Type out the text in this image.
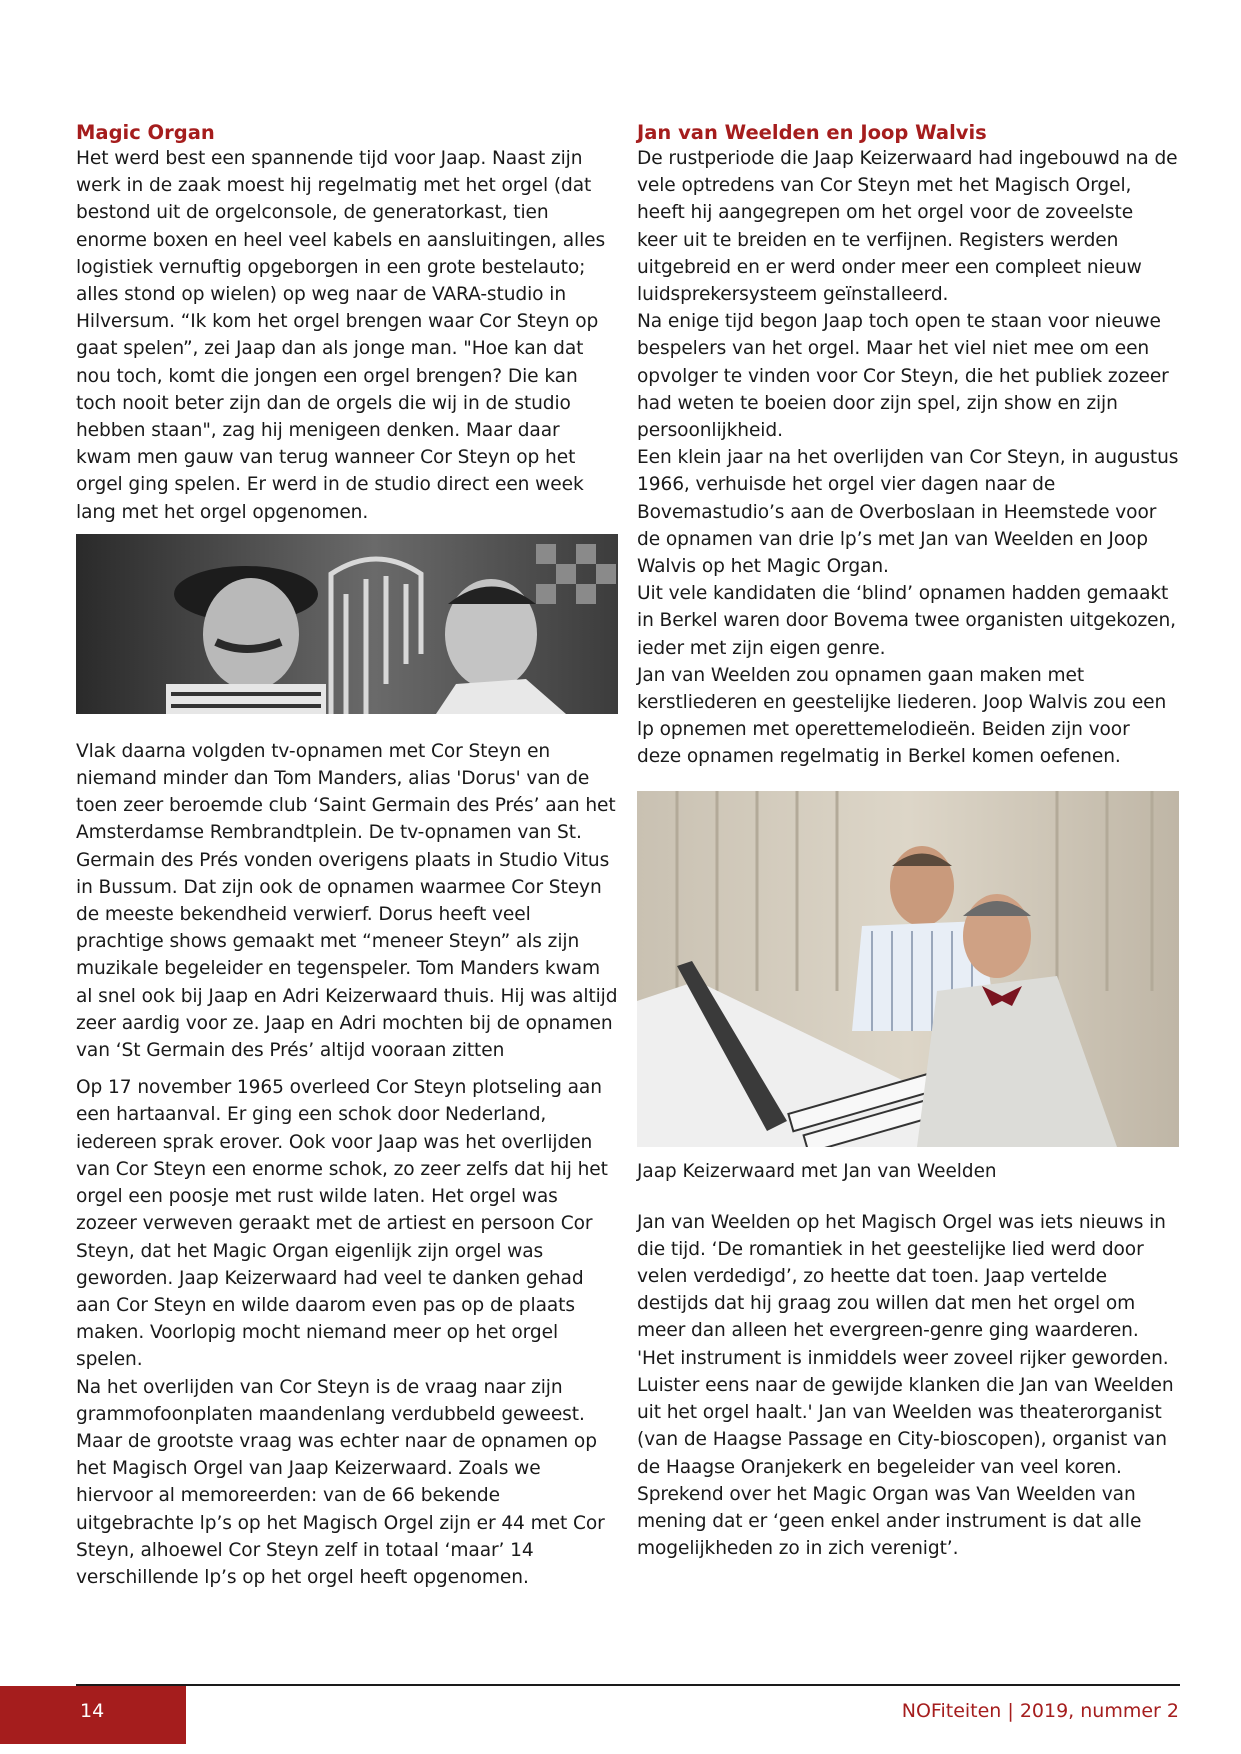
Magic Organ

Het werd best een spannende tijd voor Jaap. Naast zijn werk in de zaak moest hij regelmatig met het orgel (dat bestond uit de orgelconsole, de generatorkast, tien enorme boxen en heel veel kabels en aansluitingen, alles logistiek vernuftig opgeborgen in een grote bestelauto; alles stond op wielen) op weg naar de VARA-studio in Hilversum. “Ik kom het orgel brengen waar Cor Steyn op gaat spelen”, zei Jaap dan als jonge man. "Hoe kan dat nou toch, komt die jongen een orgel brengen? Die kan toch nooit beter zijn dan de orgels die wij in de studio hebben staan", zag hij menigeen denken. Maar daar kwam men gauw van terug wanneer Cor Steyn op het orgel ging spelen. Er werd in de studio direct een week lang met het orgel opgenomen.

Vlak daarna volgden tv-opnamen met Cor Steyn en niemand minder dan Tom Manders, alias 'Dorus' van de toen zeer beroemde club ‘Saint Germain des Prés’ aan het Amsterdamse Rembrandtplein. De tv-opnamen van St. Germain des Prés vonden overigens plaats in Studio Vitus in Bussum. Dat zijn ook de opnamen waarmee Cor Steyn de meeste bekendheid verwierf. Dorus heeft veel prachtige shows gemaakt met “meneer Steyn” als zijn muzikale begeleider en tegenspeler. Tom Manders kwam al snel ook bij Jaap en Adri Keizerwaard thuis. Hij was altijd zeer aardig voor ze. Jaap en Adri mochten bij de opnamen van ‘St Germain des Prés’ altijd vooraan zitten

Op 17 november 1965 overleed Cor Steyn plotseling aan een hartaanval. Er ging een schok door Nederland, iedereen sprak erover. Ook voor Jaap was het overlijden van Cor Steyn een enorme schok, zo zeer zelfs dat hij het orgel een poosje met rust wilde laten. Het orgel was zozeer verweven geraakt met de artiest en persoon Cor Steyn, dat het Magic Organ eigenlijk zijn orgel was geworden. Jaap Keizerwaard had veel te danken gehad aan Cor Steyn en wilde daarom even pas op de plaats maken. Voorlopig mocht niemand meer op het orgel spelen.

Na het overlijden van Cor Steyn is de vraag naar zijn grammofoonplaten maandenlang verdubbeld geweest. Maar de grootste vraag was echter naar de opnamen op het Magisch Orgel van Jaap Keizerwaard. Zoals we hiervoor al memoreerden: van de 66 bekende uitgebrachte lp’s op het Magisch Orgel zijn er 44 met Cor Steyn, alhoewel Cor Steyn zelf in totaal ‘maar’ 14 verschillende lp’s op het orgel heeft opgenomen.

Jan van Weelden en Joop Walvis

De rustperiode die Jaap Keizerwaard had ingebouwd na de vele optredens van Cor Steyn met het Magisch Orgel, heeft hij aangegrepen om het orgel voor de zoveelste keer uit te breiden en te verfijnen. Registers werden uitgebreid en er werd onder meer een compleet nieuw luidsprekersysteem geïnstalleerd.

Na enige tijd begon Jaap toch open te staan voor nieuwe bespelers van het orgel. Maar het viel niet mee om een opvolger te vinden voor Cor Steyn, die het publiek zozeer had weten te boeien door zijn spel, zijn show en zijn persoonlijkheid.

Een klein jaar na het overlijden van Cor Steyn, in augustus 1966, verhuisde het orgel vier dagen naar de Bovemastudio’s aan de Overboslaan in Heemstede voor de opnamen van drie lp’s met Jan van Weelden en Joop Walvis op het Magic Organ.

Uit vele kandidaten die ‘blind’ opnamen hadden gemaakt in Berkel waren door Bovema twee organisten uitgekozen, ieder met zijn eigen genre.

Jan van Weelden zou opnamen gaan maken met kerstliederen en geestelijke liederen. Joop Walvis zou een lp opnemen met operettemelodieën. Beiden zijn voor deze opnamen regelmatig in Berkel komen oefenen.

Jaap Keizerwaard met Jan van Weelden

Jan van Weelden op het Magisch Orgel was iets nieuws in die tijd. ‘De romantiek in het geestelijke lied werd door velen verdedigd’, zo heette dat toen. Jaap vertelde destijds dat hij graag zou willen dat men het orgel om meer dan alleen het evergreen-genre ging waarderen. 'Het instrument is inmiddels weer zoveel rijker geworden. Luister eens naar de gewijde klanken die Jan van Weelden uit het orgel haalt.' Jan van Weelden was theaterorganist (van de Haagse Passage en City-bioscopen), organist van de Haagse Oranjekerk en begeleider van veel koren. Sprekend over het Magic Organ was Van Weelden van mening dat er ‘geen enkel ander instrument is dat alle mogelijkheden zo in zich verenigt’.

14	NOFiteiten | 2019, nummer 2
